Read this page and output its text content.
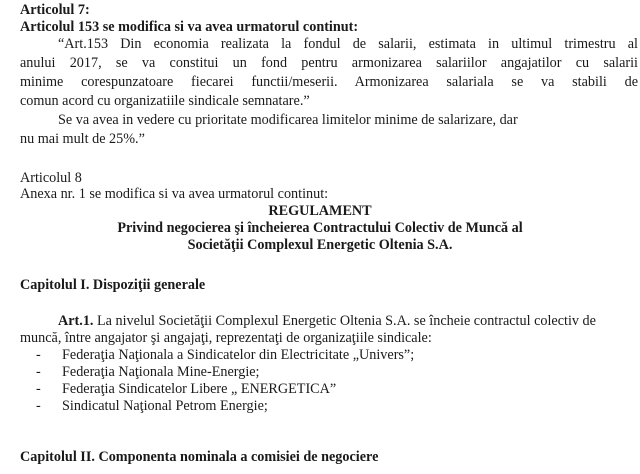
Articolul 7:
Articolul 153 se modifica si va avea urmatorul continut:
“Art.153 Din economia realizata la fondul de salarii, estimata in ultimul trimestru al
anului 2017, se va constitui un fond pentru armonizarea salariilor angajatilor cu salarii
minime corespunzatoare fiecarei functii/meserii. Armonizarea salariala se va stabili de
comun acord cu organizatiile sindicale semnatare.”
Se va avea in vedere cu prioritate modificarea limitelor minime de salarizare, dar
nu mai mult de 25%.”
Articolul 8
Anexa nr. 1 se modifica si va avea urmatorul continut:
REGULAMENT
Privind negocierea şi încheierea Contractului Colectiv de Muncă al
Societăţii Complexul Energetic Oltenia S.A.
Capitolul I. Dispoziţii generale
Art.1. La nivelul Societăţii Complexul Energetic Oltenia S.A. se încheie contractul colectiv de
muncă, între angajator şi angajaţi, reprezentaţi de organizaţiile sindicale:
- Federaţia Naţionala a Sindicatelor din Electricitate „Univers”;
- Federaţia Naţionala Mine-Energie;
- Federaţia Sindicatelor Libere „ ENERGETICA”
- Sindicatul Naţional Petrom Energie;
Capitolul II. Componenta nominala a comisiei de negociere
